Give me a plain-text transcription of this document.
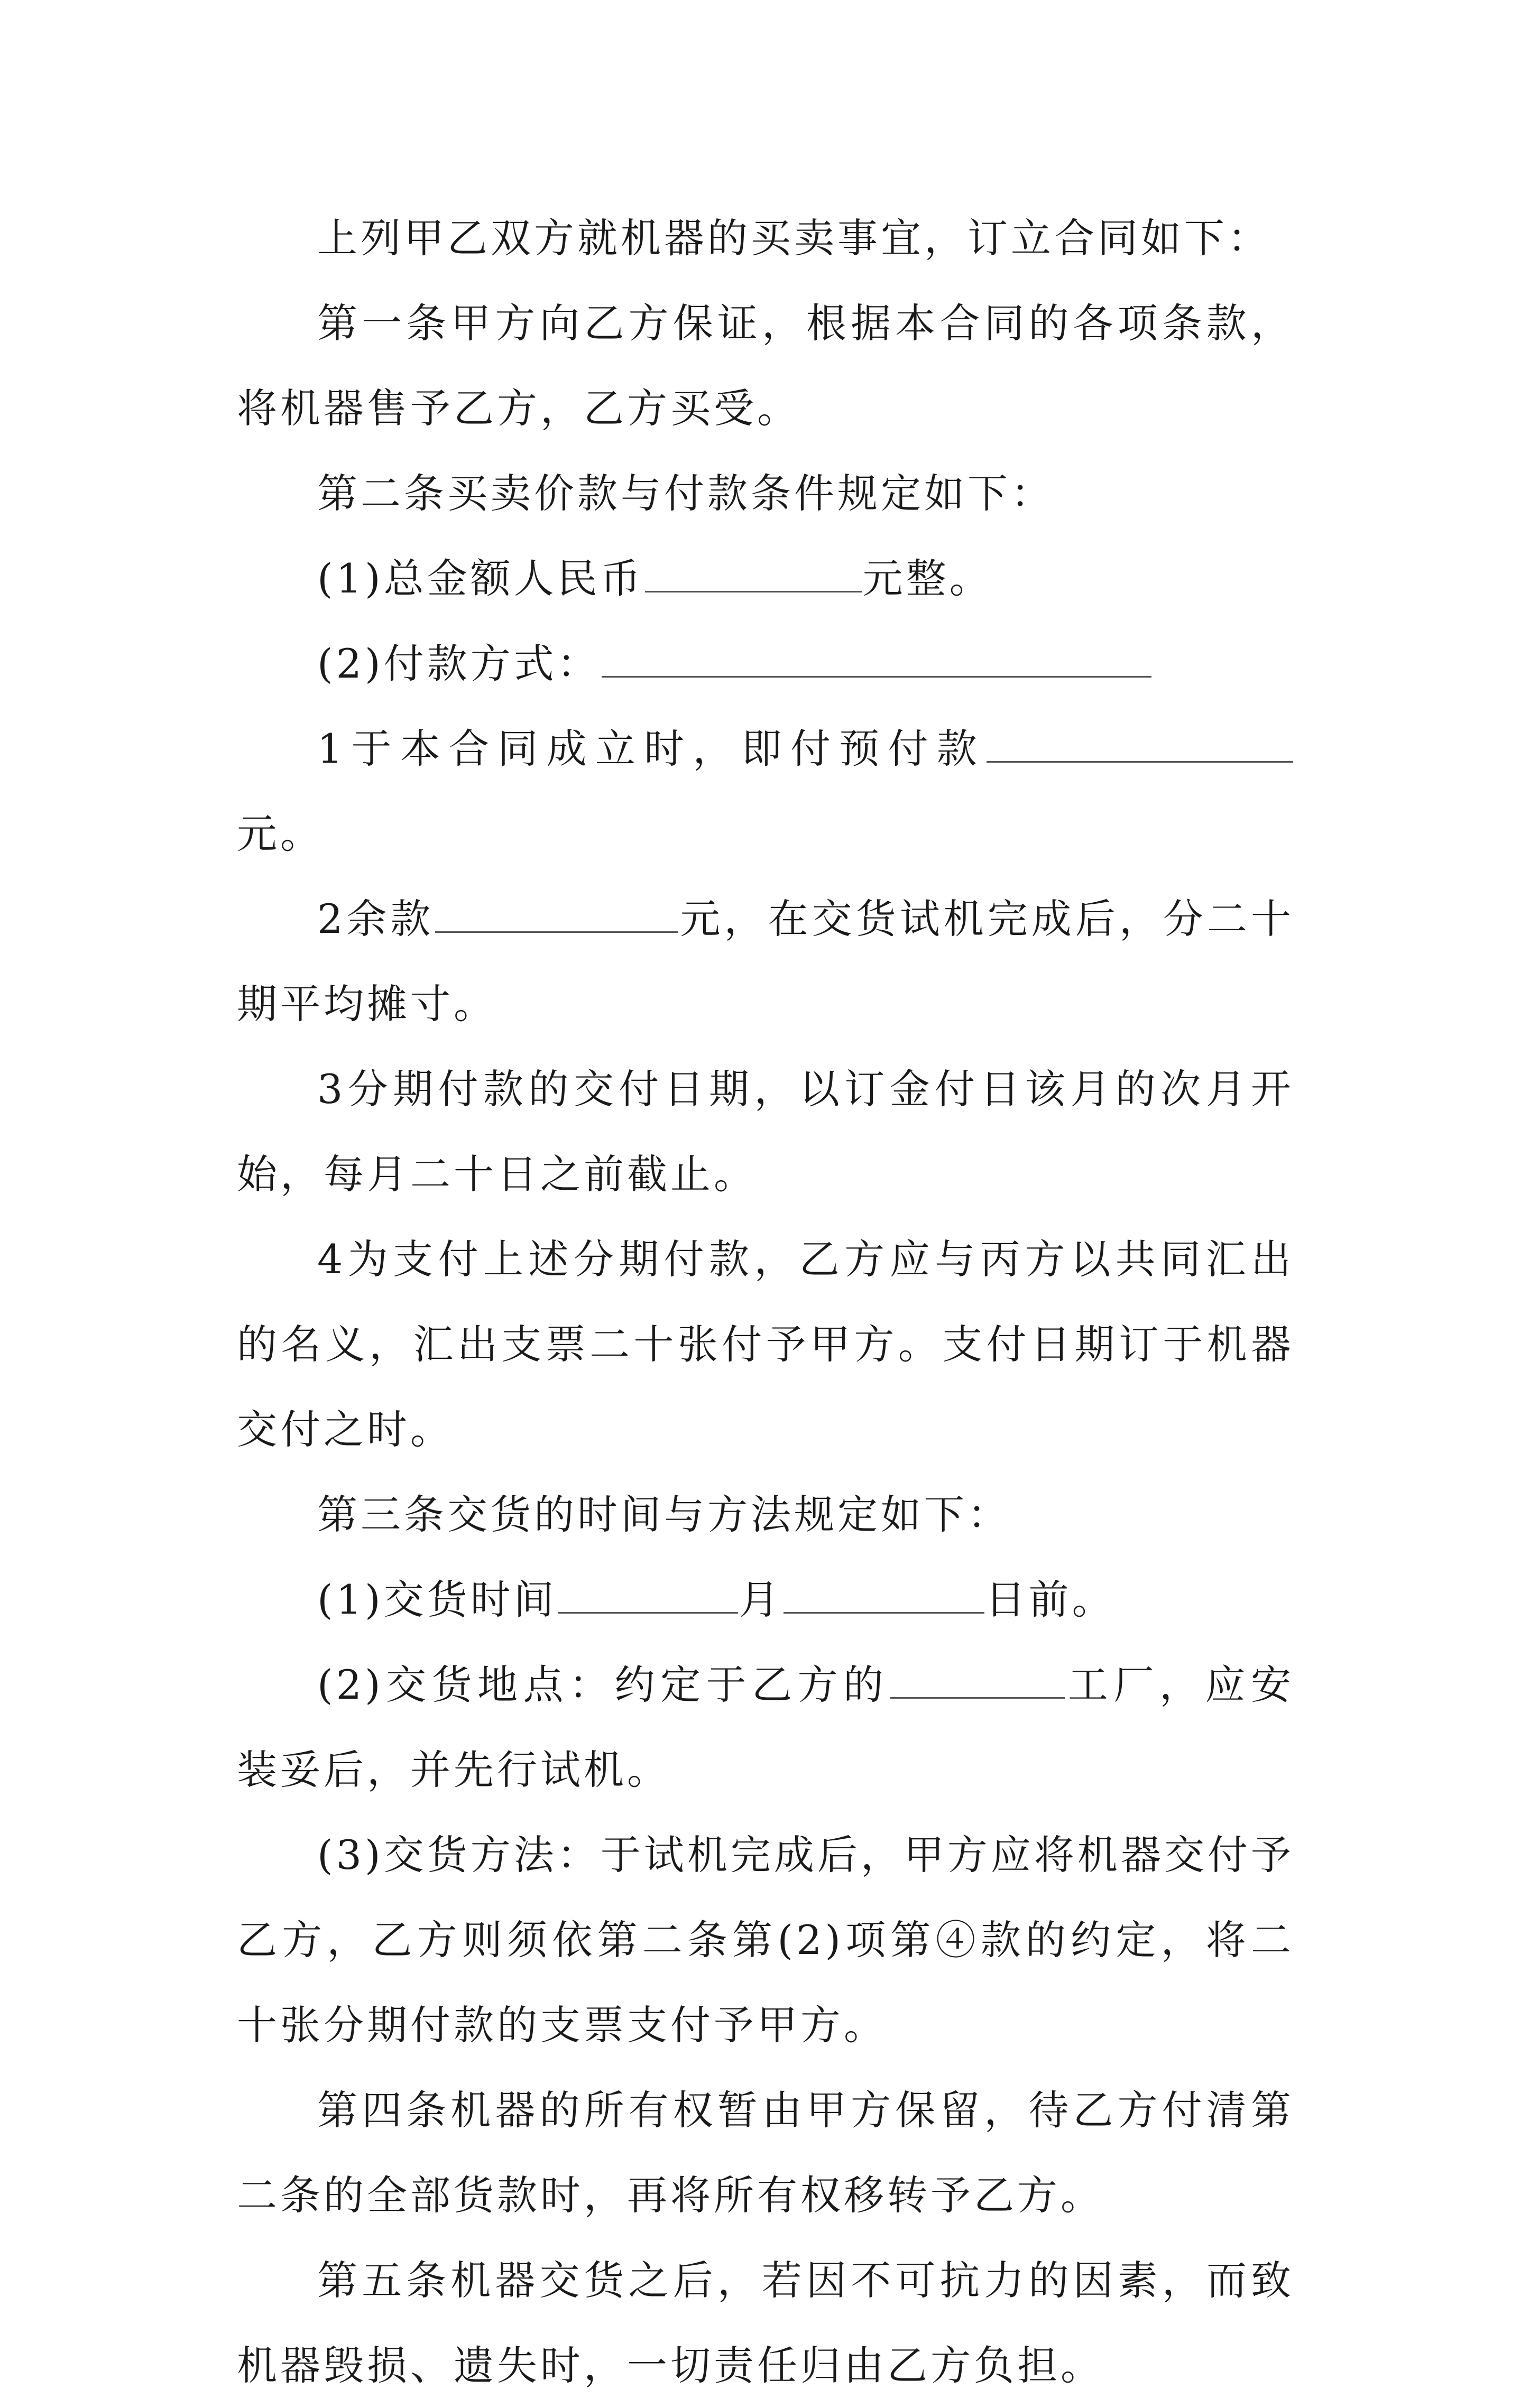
上列甲乙双方就机器的买卖事宜，订立合同如下：

第一条甲方向乙方保证，根据本合同的各项条款，将机器售予乙方，乙方买受。

第二条买卖价款与付款条件规定如下：

(1)总金额人民币	元整。

(2)付款方式：

1于本合同成立时，即付预付款元。

2余款	元，在交货试机完成后，分二十期平均摊寸。

3分期付款的交付日期，以订金付日该月的次月开始，每月二十日之前截止。

4为支付上述分期付款，乙方应与丙方以共同汇出的名义，汇出支票二十张付予甲方。支付日期订于机器交付之时。

第三条交货的时间与方法规定如下：

(1)交货时间	月	日前。

(2)交货地点：约定于乙方的	工厂，应安装妥后，并先行试机。

(3)交货方法：于试机完成后，甲方应将机器交付予乙方，乙方则须依第二条第(2)项第④款的约定，将二十张分期付款的支票支付予甲方。

第四条机器的所有权暂由甲方保留，待乙方付清第二条的全部货款时，再将所有权移转予乙方。

第五条机器交货之后，若因不可抗力的因素，而致机器毁损、遗失时，一切责任归由乙方负担。
